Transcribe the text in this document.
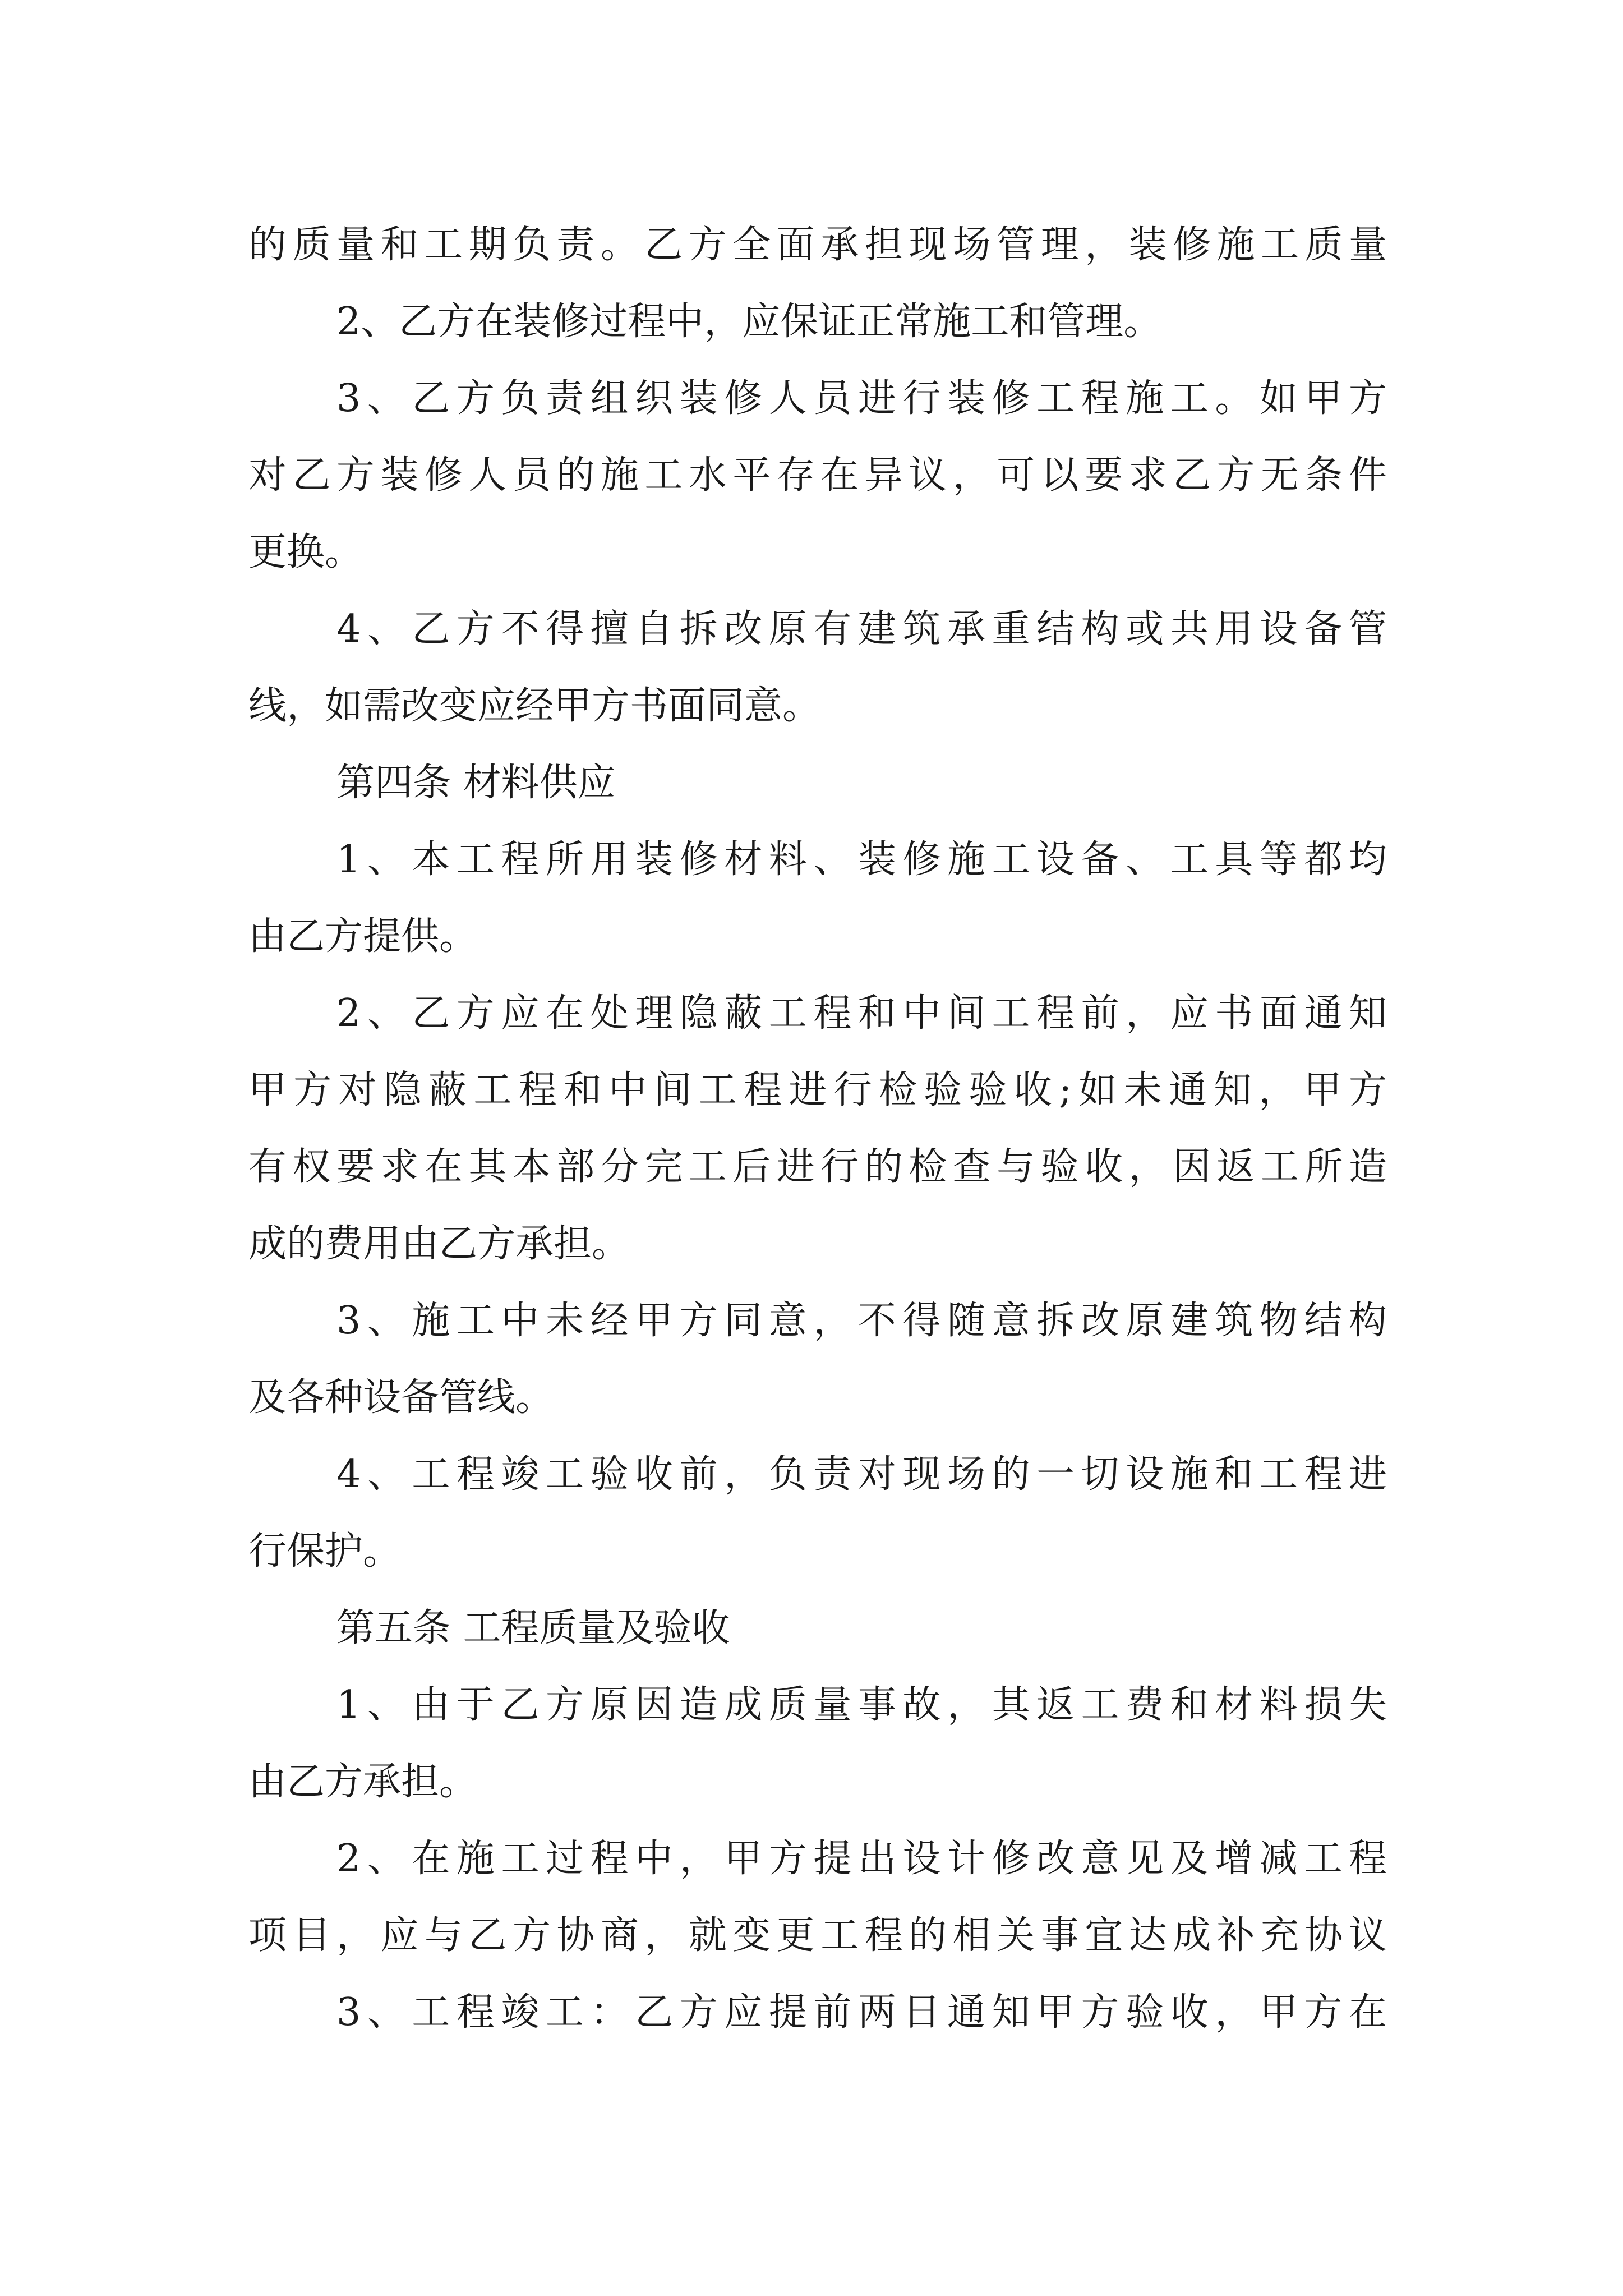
的质量和工期负责。乙方全面承担现场管理，装修施工质量
2、乙方在装修过程中，应保证正常施工和管理。
3、乙方负责组织装修人员进行装修工程施工。如甲方
对乙方装修人员的施工水平存在异议，可以要求乙方无条件
更换。
4、乙方不得擅自拆改原有建筑承重结构或共用设备管
线，如需改变应经甲方书面同意。
第四条 材料供应
1、本工程所用装修材料、装修施工设备、工具等都均
由乙方提供。
2、乙方应在处理隐蔽工程和中间工程前，应书面通知
甲方对隐蔽工程和中间工程进行检验验收;如未通知，甲方
有权要求在其本部分完工后进行的检查与验收，因返工所造
成的费用由乙方承担。
3、施工中未经甲方同意，不得随意拆改原建筑物结构
及各种设备管线。
4、工程竣工验收前，负责对现场的一切设施和工程进
行保护。
第五条 工程质量及验收
1、由于乙方原因造成质量事故，其返工费和材料损失
由乙方承担。
2、在施工过程中，甲方提出设计修改意见及增减工程
项目，应与乙方协商，就变更工程的相关事宜达成补充协议
3、工程竣工：乙方应提前两日通知甲方验收，甲方在
